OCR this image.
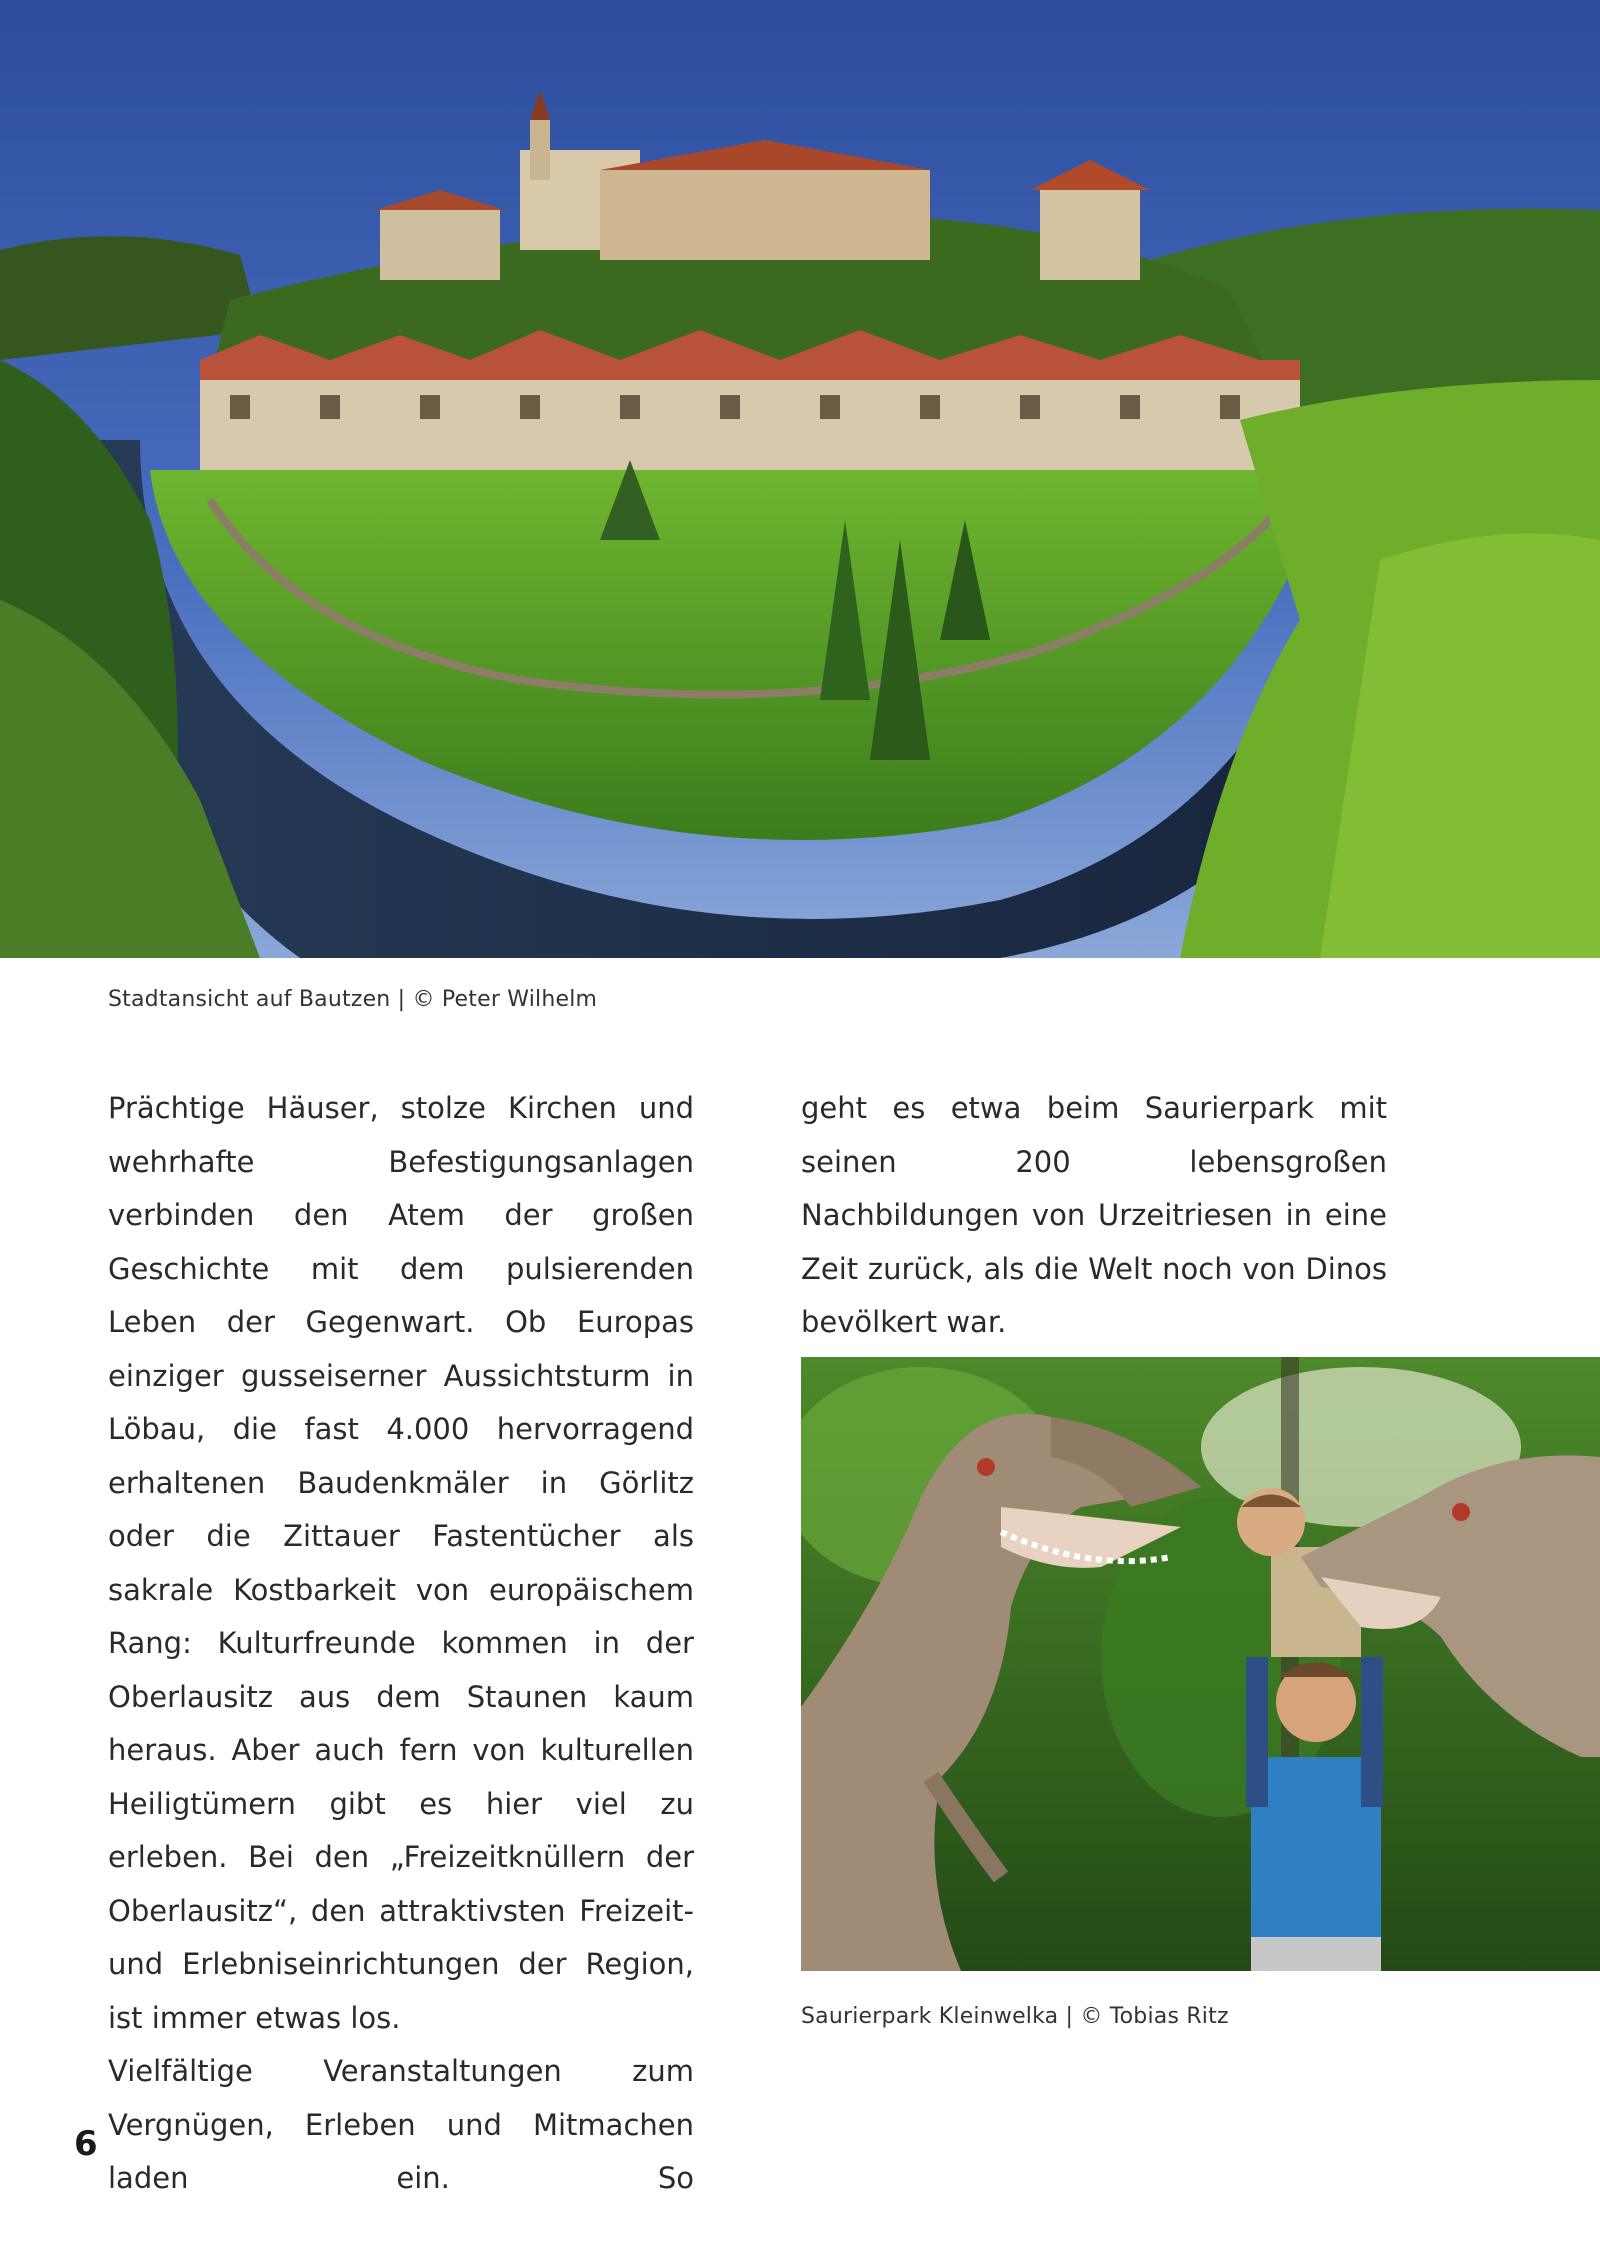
Stadtansicht auf Bautzen | © Peter Wilhelm

Prächtige Häuser, stolze Kirchen und wehrhafte Befestigungsanlagen verbinden den Atem der großen Geschichte mit dem pulsierenden Leben der Gegenwart. Ob Europas einziger gusseiserner Aussichtsturm in Löbau, die fast 4.000 hervorragend erhaltenen Baudenkmäler in Görlitz oder die Zittauer Fastentücher als sakrale Kostbarkeit von europäischem Rang: Kulturfreunde kommen in der Oberlausitz aus dem Staunen kaum heraus. Aber auch fern von kulturellen Heiligtümern gibt es hier viel zu erleben. Bei den „Freizeitknüllern der Oberlausitz“, den attraktivsten Freizeit- und Erlebniseinrichtungen der Region, ist immer etwas los.

Vielfältige Veranstaltungen zum Vergnügen, Erleben und Mitmachen laden ein. So

geht es etwa beim Saurierpark mit seinen 200 lebensgroßen Nachbildungen von Urzeitriesen in eine Zeit zurück, als die Welt noch von Dinos bevölkert war.

Saurierpark Kleinwelka | © Tobias Ritz
6
